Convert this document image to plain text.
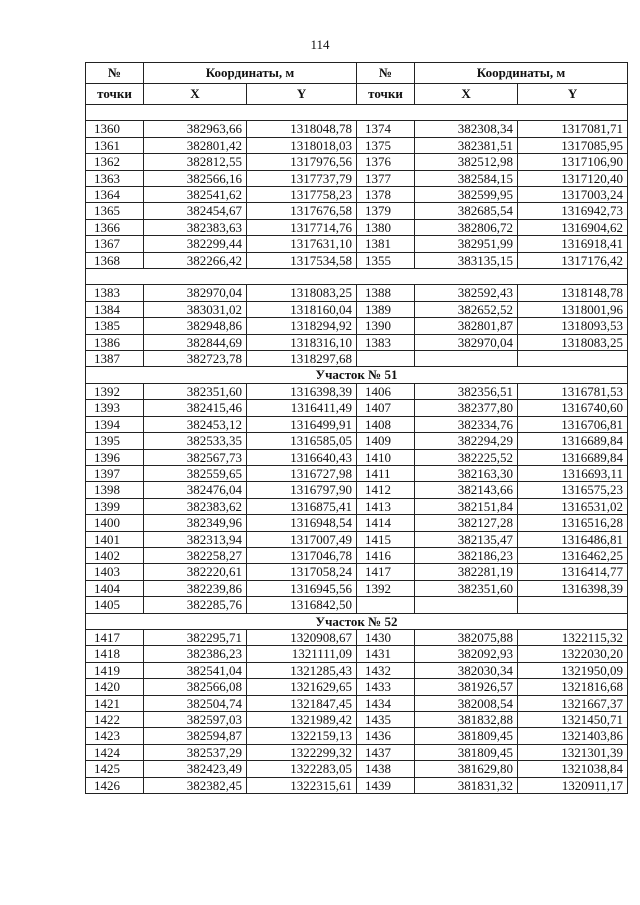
114
№	Координаты, м		№	Координаты, м	
точки	X	Y	точки	X	Y

1360	382963,66	1318048,78	1374	382308,34	1317081,71
1361	382801,42	1318018,03	1375	382381,51	1317085,95
1362	382812,55	1317976,56	1376	382512,98	1317106,90
1363	382566,16	1317737,79	1377	382584,15	1317120,40
1364	382541,62	1317758,23	1378	382599,95	1317003,24
1365	382454,67	1317676,58	1379	382685,54	1316942,73
1366	382383,63	1317714,76	1380	382806,72	1316904,62
1367	382299,44	1317631,10	1381	382951,99	1316918,41
1368	382266,42	1317534,58	1355	383135,15	1317176,42

1383	382970,04	1318083,25	1388	382592,43	1318148,78
1384	383031,02	1318160,04	1389	382652,52	1318001,96
1385	382948,86	1318294,92	1390	382801,87	1318093,53
1386	382844,69	1318316,10	1383	382970,04	1318083,25
1387	382723,78	1318297,68			
Участок № 51					
1392	382351,60	1316398,39	1406	382356,51	1316781,53
1393	382415,46	1316411,49	1407	382377,80	1316740,60
1394	382453,12	1316499,91	1408	382334,76	1316706,81
1395	382533,35	1316585,05	1409	382294,29	1316689,84
1396	382567,73	1316640,43	1410	382225,52	1316689,84
1397	382559,65	1316727,98	1411	382163,30	1316693,11
1398	382476,04	1316797,90	1412	382143,66	1316575,23
1399	382383,62	1316875,41	1413	382151,84	1316531,02
1400	382349,96	1316948,54	1414	382127,28	1316516,28
1401	382313,94	1317007,49	1415	382135,47	1316486,81
1402	382258,27	1317046,78	1416	382186,23	1316462,25
1403	382220,61	1317058,24	1417	382281,19	1316414,77
1404	382239,86	1316945,56	1392	382351,60	1316398,39
1405	382285,76	1316842,50			
Участок № 52					
1417	382295,71	1320908,67	1430	382075,88	1322115,32
1418	382386,23	1321111,09	1431	382092,93	1322030,20
1419	382541,04	1321285,43	1432	382030,34	1321950,09
1420	382566,08	1321629,65	1433	381926,57	1321816,68
1421	382504,74	1321847,45	1434	382008,54	1321667,37
1422	382597,03	1321989,42	1435	381832,88	1321450,71
1423	382594,87	1322159,13	1436	381809,45	1321403,86
1424	382537,29	1322299,32	1437	381809,45	1321301,39
1425	382423,49	1322283,05	1438	381629,80	1321038,84
1426	382382,45	1322315,61	1439	381831,32	1320911,17
